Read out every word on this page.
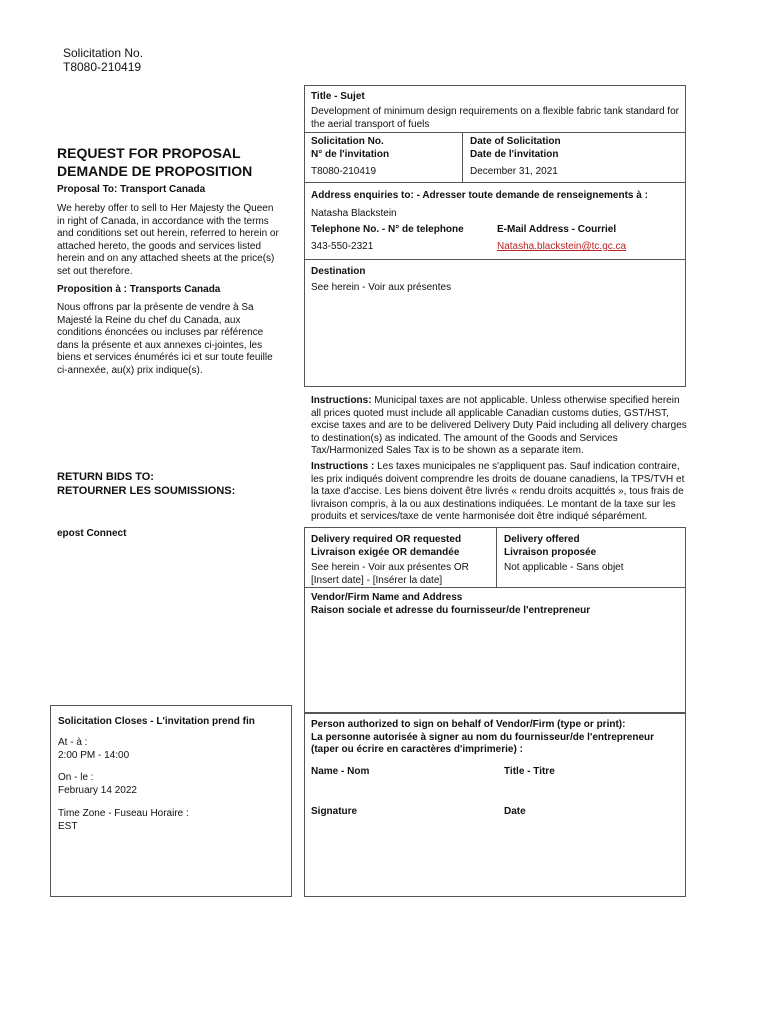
Solicitation No.
T8080-210419
REQUEST FOR PROPOSAL
DEMANDE DE PROPOSITION
Proposal To: Transport Canada
We hereby offer to sell to Her Majesty the Queen in right of Canada, in accordance with the terms and conditions set out herein, referred to herein or attached hereto, the goods and services listed herein and on any attached sheets at the price(s) set out therefore.
Proposition à : Transports Canada
Nous offrons par la présente de vendre à Sa Majesté la Reine du chef du Canada, aux conditions énoncées ou incluses par référence dans la présente et aux annexes ci-jointes, les biens et services énumérés ici et sur toute feuille ci-annexée, au(x) prix indique(s).
RETURN BIDS TO:
RETOURNER LES SOUMISSIONS:
epost Connect
Solicitation Closes - L'invitation prend fin
At - à :
2:00 PM - 14:00
On - le :
February 14 2022
Time Zone - Fuseau Horaire :
EST
Title - Sujet
Development of minimum design requirements on a flexible fabric tank standard for the aerial transport of fuels
Solicitation No.
N° de l'invitation
T8080-210419
Date of Solicitation
Date de l'invitation
December 31, 2021
Address enquiries to: - Adresser toute demande de renseignements à :
Natasha Blackstein
Telephone No. - N° de telephone
343-550-2321
E-Mail Address - Courriel
Natasha.blackstein@tc.gc.ca
Destination
See herein - Voir aux présentes
Instructions: Municipal taxes are not applicable. Unless otherwise specified herein all prices quoted must include all applicable Canadian customs duties, GST/HST, excise taxes and are to be delivered Delivery Duty Paid including all delivery charges to destination(s) as indicated. The amount of the Goods and Services Tax/Harmonized Sales Tax is to be shown as a separate item.
Instructions : Les taxes municipales ne s'appliquent pas. Sauf indication contraire, les prix indiqués doivent comprendre les droits de douane canadiens, la TPS/TVH et la taxe d'accise. Les biens doivent être livrés « rendu droits acquittés », tous frais de livraison compris, à la ou aux destinations indiquées. Le montant de la taxe sur les produits et services/taxe de vente harmonisée doit être indiqué séparément.
Delivery required OR requested
Livraison exigée OR demandée
See herein - Voir aux présentes OR
[Insert date] - [Insérer la date]
Delivery offered
Livraison proposée
Not applicable - Sans objet
Vendor/Firm Name and Address
Raison sociale et adresse du fournisseur/de l'entrepreneur
Person authorized to sign on behalf of Vendor/Firm (type or print):
La personne autorisée à signer au nom du fournisseur/de l'entrepreneur (taper ou écrire en caractères d'imprimerie) :
Name - Nom	Title - Titre
Signature	Date
